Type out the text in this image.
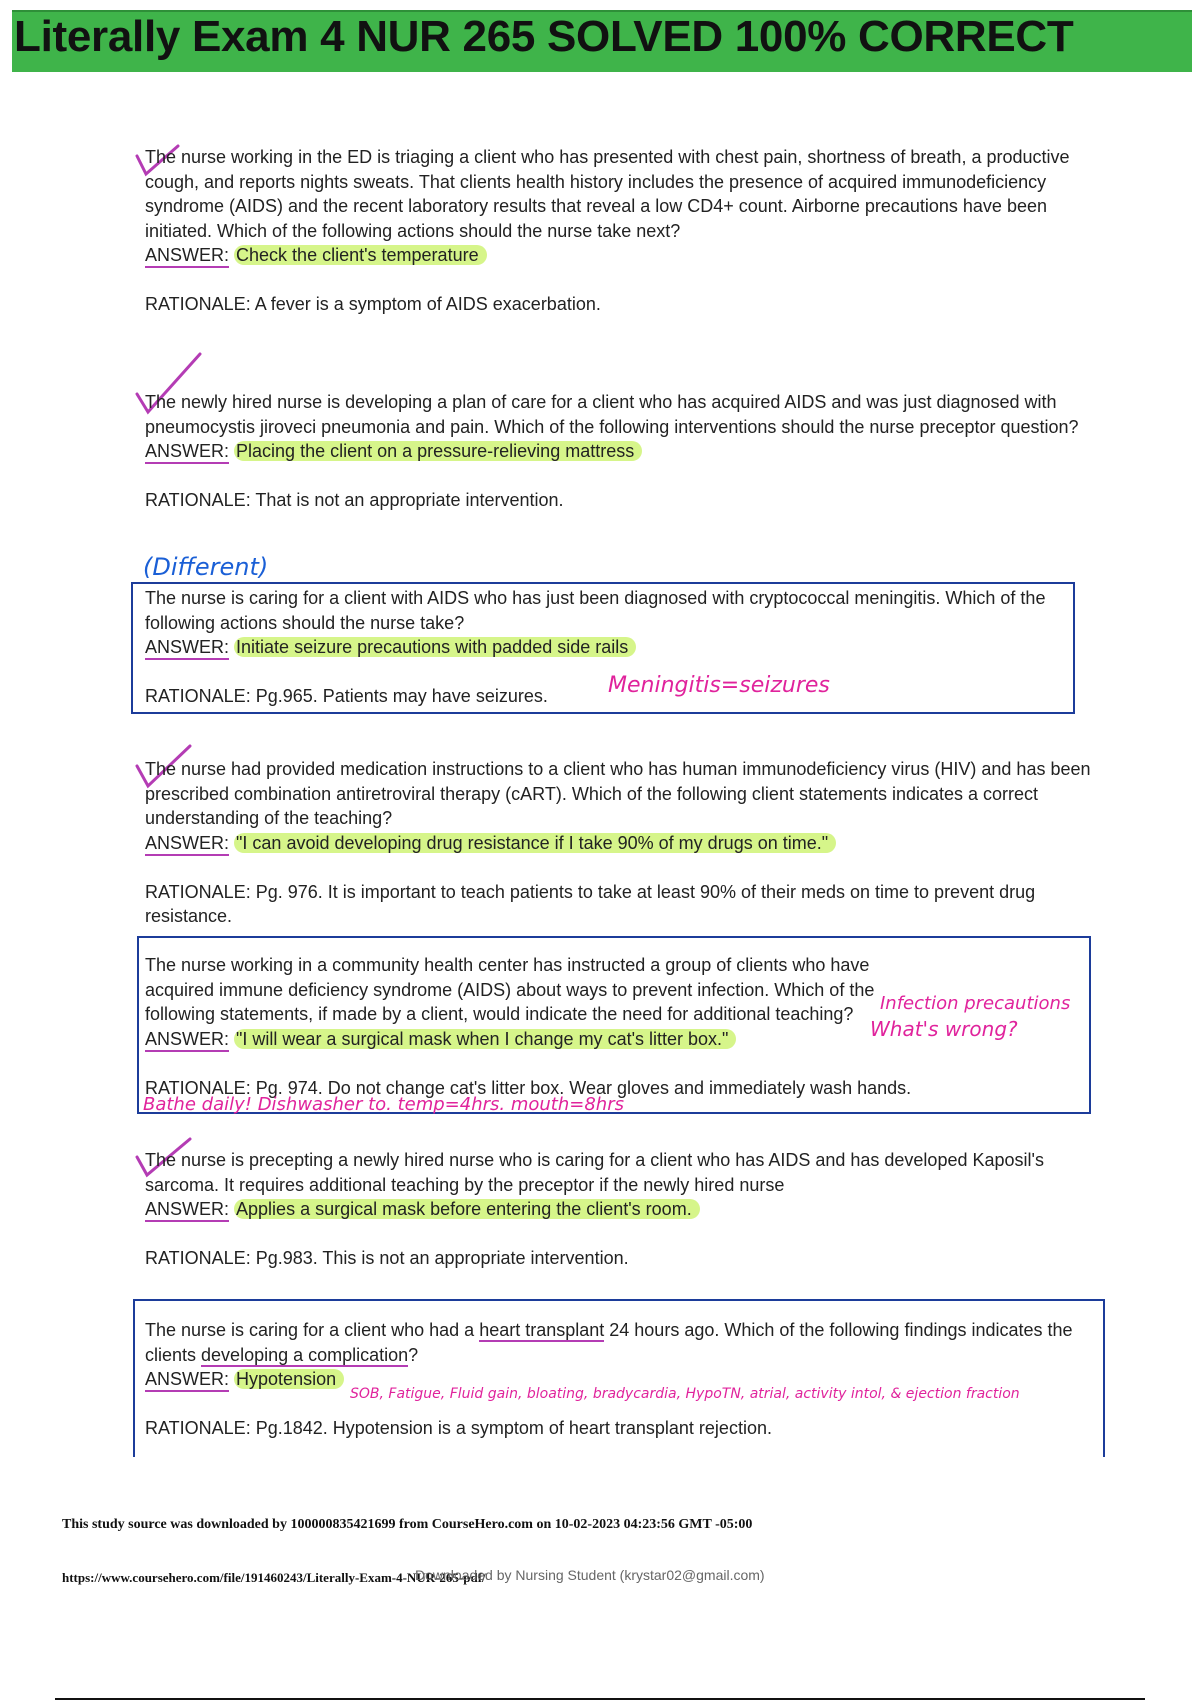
Literally Exam 4 NUR 265 SOLVED 100% CORRECT

The nurse working in the ED is triaging a client who has presented with chest pain, shortness of breath, a productive cough, and reports nights sweats. That clients health history includes the presence of acquired immunodeficiency syndrome (AIDS) and the recent laboratory results that reveal a low CD4+ count. Airborne precautions have been initiated. Which of the following actions should the nurse take next?

ANSWER: Check the client's temperature

RATIONALE: A fever is a symptom of AIDS exacerbation.

The newly hired nurse is developing a plan of care for a client who has acquired AIDS and was just diagnosed with pneumocystis jiroveci pneumonia and pain. Which of the following interventions should the nurse preceptor question?

ANSWER: Placing the client on a pressure-relieving mattress

RATIONALE: That is not an appropriate intervention.

(Different)

The nurse is caring for a client with AIDS who has just been diagnosed with cryptococcal meningitis. Which of the following actions should the nurse take?

ANSWER: Initiate seizure precautions with padded side rails

RATIONALE: Pg.965. Patients may have seizures.	Meningitis=seizures

The nurse had provided medication instructions to a client who has human immunodeficiency virus (HIV) and has been prescribed combination antiretroviral therapy (cART). Which of the following client statements indicates a correct understanding of the teaching?

ANSWER: "I can avoid developing drug resistance if I take 90% of my drugs on time."

RATIONALE: Pg. 976. It is important to teach patients to take at least 90% of their meds on time to prevent drug resistance.

The nurse working in a community health center has instructed a group of clients who have acquired immune deficiency syndrome (AIDS) about ways to prevent infection. Which of the following statements, if made by a client, would indicate the need for additional teaching?

ANSWER: "I will wear a surgical mask when I change my cat's litter box."

RATIONALE: Pg. 974. Do not change cat's litter box. Wear gloves and immediately wash hands.

Infection precautions
What's wrong?
Bathe daily! Dishwasher to. temp=4hrs. mouth=8hrs

The nurse is precepting a newly hired nurse who is caring for a client who has AIDS and has developed Kaposil's sarcoma. It requires additional teaching by the preceptor if the newly hired nurse

ANSWER: Applies a surgical mask before entering the client's room.

RATIONALE: Pg.983. This is not an appropriate intervention.

The nurse is caring for a client who had a heart transplant 24 hours ago. Which of the following findings indicates the clients developing a complication?

ANSWER: Hypotension

RATIONALE: Pg.1842. Hypotension is a symptom of heart transplant rejection.

SOB, Fatigue, Fluid gain, bloating, bradycardia, HypoTN, atrial, activity intol, & ejection fraction
This study source was downloaded by 100000835421699 from CourseHero.com on 10-02-2023 04:23:56 GMT -05:00
https://www.coursehero.com/file/191460243/Literally-Exam-4-NUR-265-pdf/
Downloaded by Nursing Student (krystar02@gmail.com)
